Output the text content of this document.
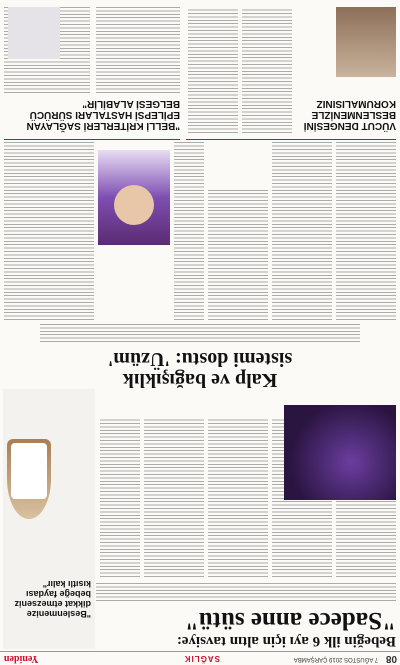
08
7 AĞUSTOS 2019 ÇARŞAMBA
SAĞLIK
Yeniden
Bebeğin ilk 6 ayı için altın tavsiye:
"Sadece anne sütü"
"Beslenmenize dikkat etmezseniz bebeğe faydası kısıtlı kalır"
Kalp ve bağışıklık
sistemi dostu: 'Üzüm'
VÜCUT DENGESİNİ BESLENMENİZLE KORUMALISINIZ
"BELLİ KRİTERLERİ SAĞLAYAN EPİLEPSİ HASTALARI SÜRÜCÜ BELGESİ ALABİLİR"
